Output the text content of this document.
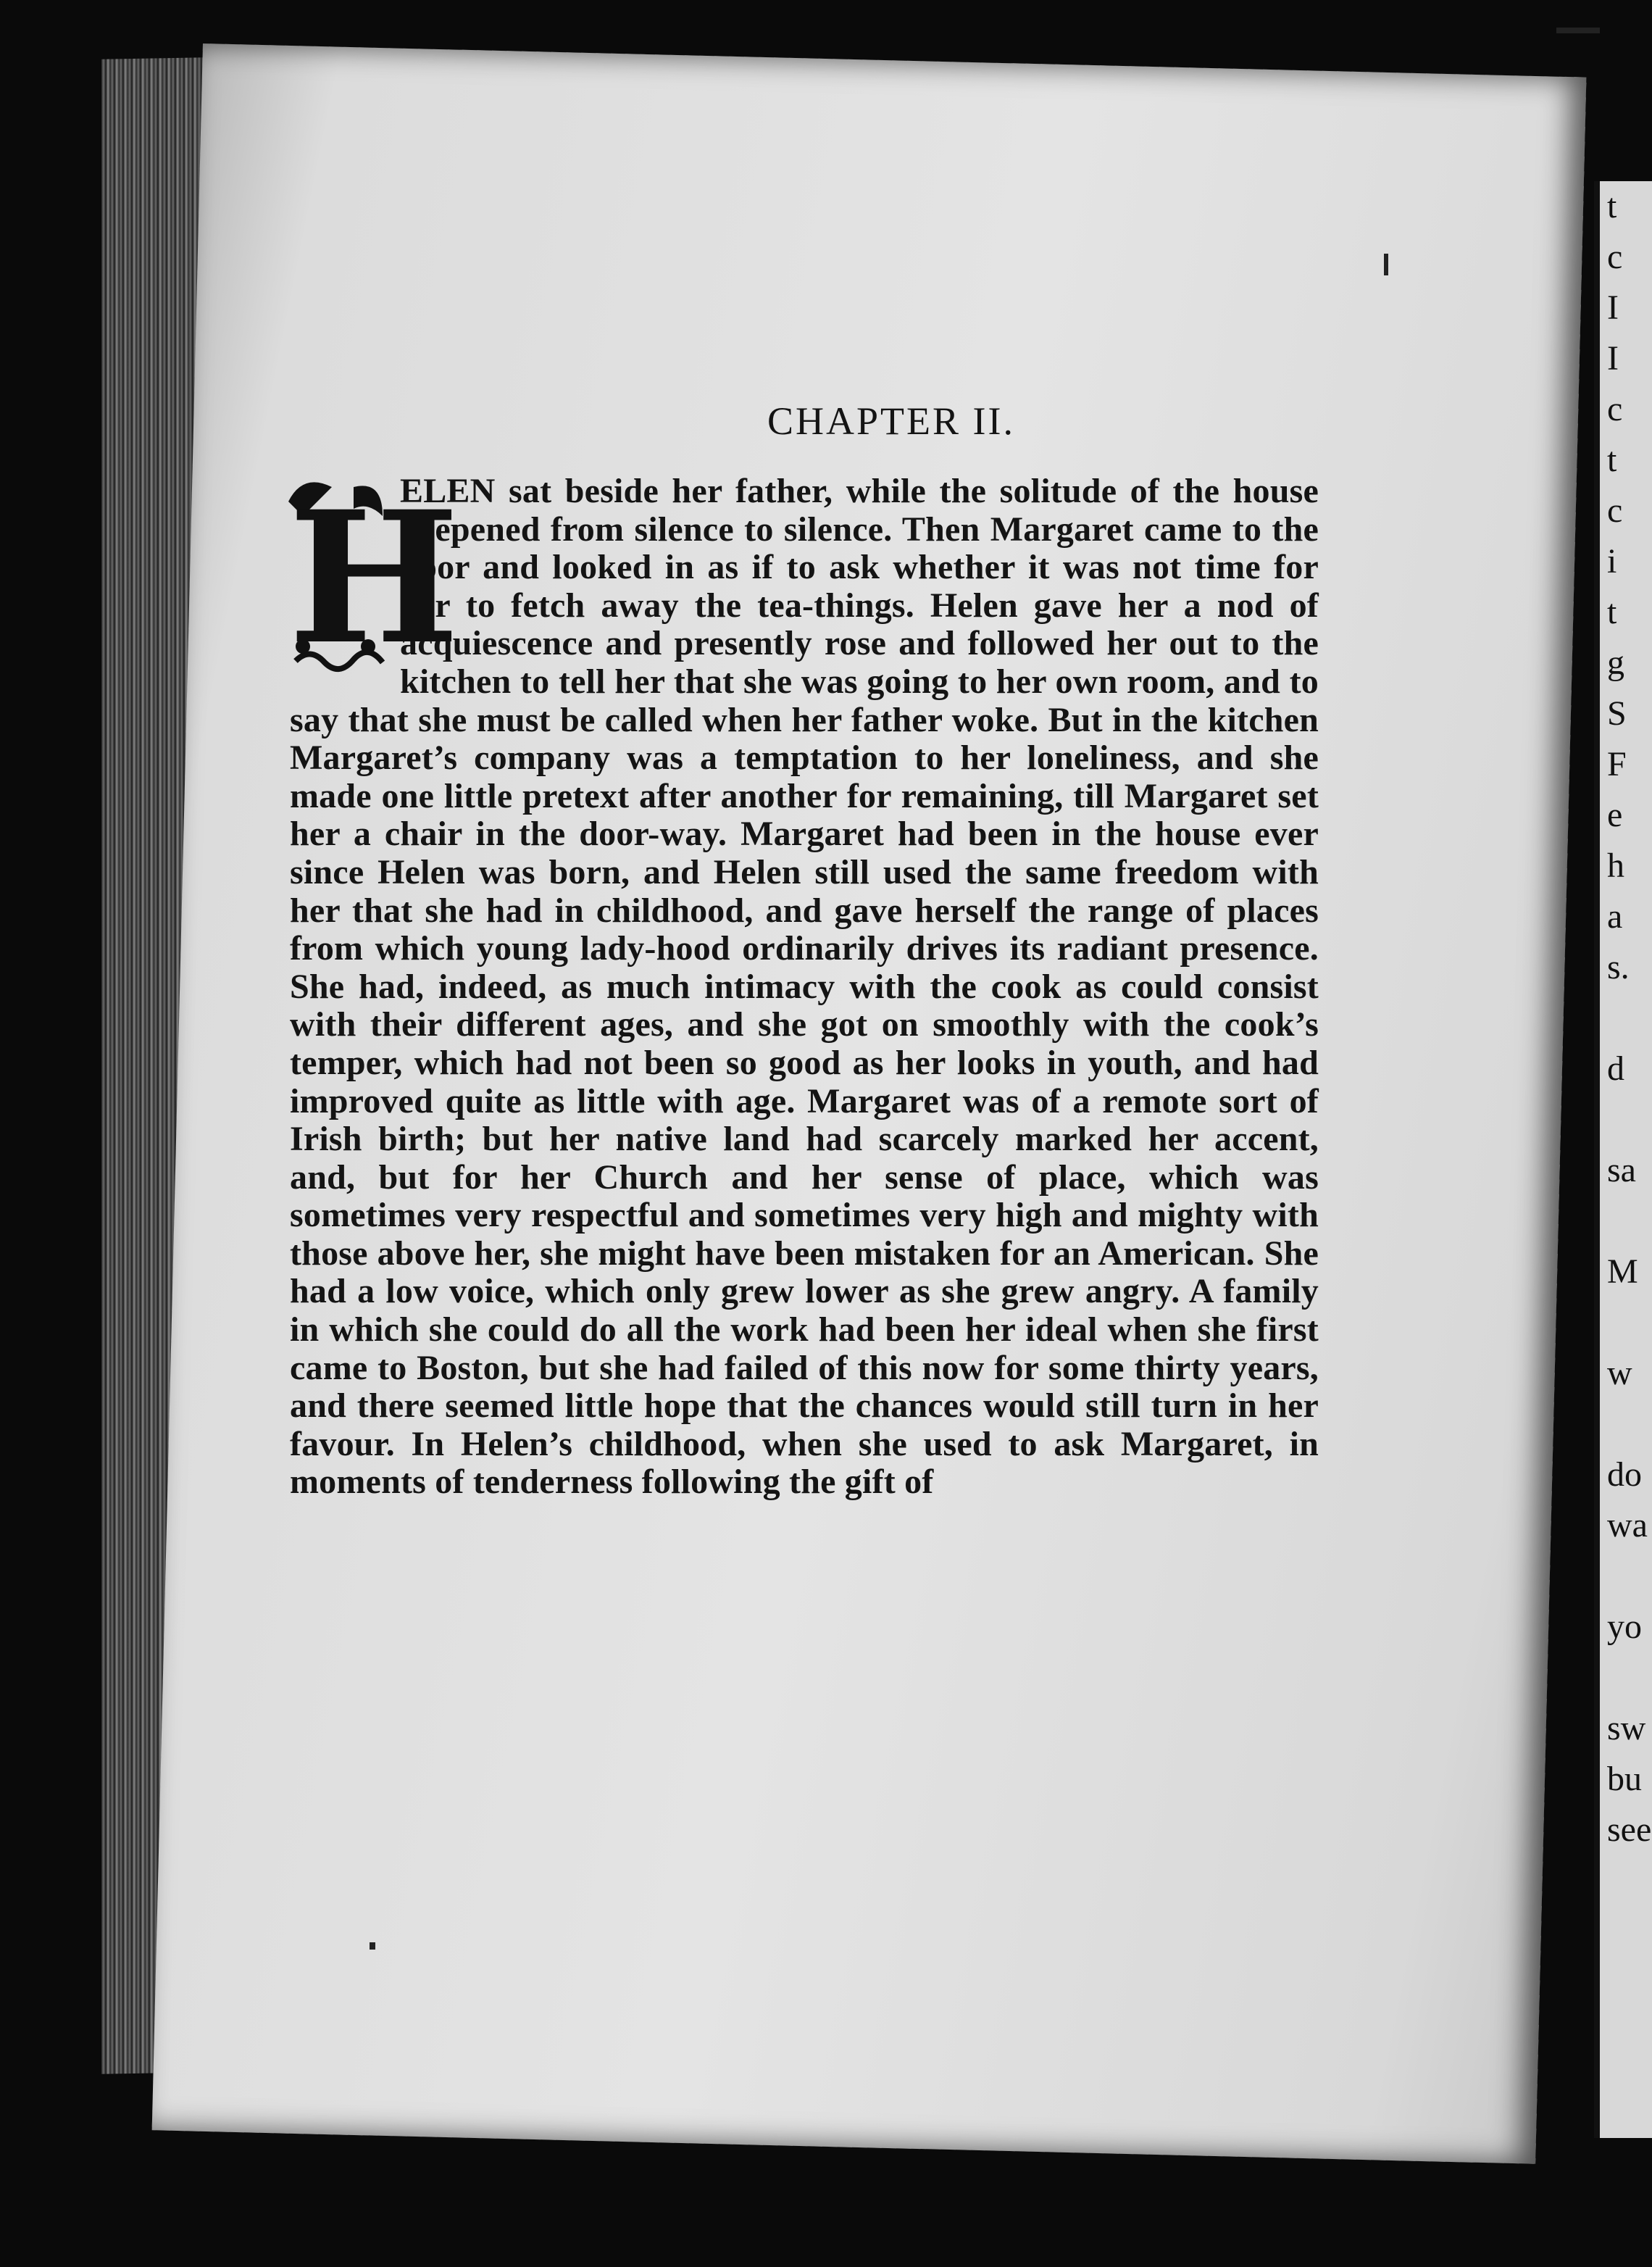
t
c
I
I
c
t
c
i
t
g
S
F
e
h
a
s.
d
sa
M
w
do
wa
yo
sw
bu
see
CHAPTER II.

H
ELEN sat beside her father, while the solitude of the house deepened from silence to silence. Then Margaret came to the door and looked in as if to ask whether it was not time for her to fetch away the tea-things. Helen gave her a nod of acquiescence and presently rose and followed her out to the kitchen to tell her that she was going to her own room, and to say that she must be called when her father woke. But in the kitchen Margaret’s company was a temptation to her loneliness, and she made one little pretext after another for remaining, till Margaret set her a chair in the door-way. Margaret had been in the house ever since Helen was born, and Helen still used the same freedom with her that she had in childhood, and gave herself the range of places from which young lady-hood ordinarily drives its radiant presence. She had, indeed, as much intimacy with the cook as could consist with their different ages, and she got on smoothly with the cook’s temper, which had not been so good as her looks in youth, and had improved quite as little with age. Margaret was of a remote sort of Irish birth; but her native land had scarcely marked her accent, and, but for her Church and her sense of place, which was sometimes very respectful and sometimes very high and mighty with those above her, she might have been mistaken for an American. She had a low voice, which only grew lower as she grew angry. A family in which she could do all the work had been her ideal when she first came to Boston, but she had failed of this now for some thirty years, and there seemed little hope that the chances would still turn in her favour. In Helen’s childhood, when she used to ask Margaret, in moments of tenderness following the gift of
